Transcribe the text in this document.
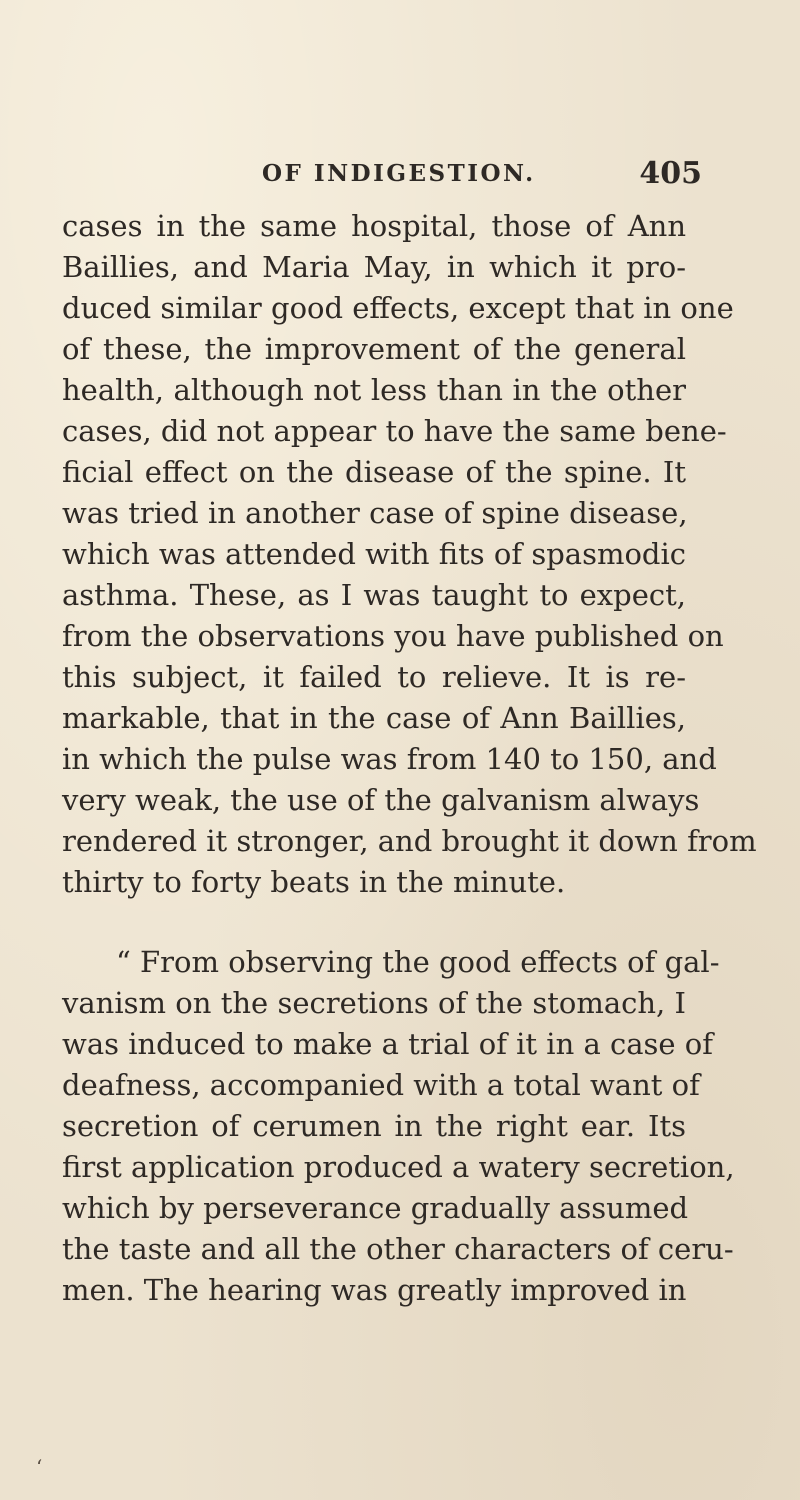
OF INDIGESTION.	405
cases in the same hospital, those of Ann
Baillies, and Maria May, in which it pro-
duced similar good effects, except that in one
of these, the improvement of the general
health, although not less than in the other
cases, did not appear to have the same bene-
ficial effect on the disease of the spine. It
was tried in another case of spine disease,
which was attended with fits of spasmodic
asthma. These, as I was taught to expect,
from the observations you have published on
this subject, it failed to relieve. It is re-
markable, that in the case of Ann Baillies,
in which the pulse was from 140 to 150, and
very weak, the use of the galvanism always
rendered it stronger, and brought it down from
thirty to forty beats in the minute.
“ From observing the good effects of gal-
vanism on the secretions of the stomach, I
was induced to make a trial of it in a case of
deafness, accompanied with a total want of
secretion of cerumen in the right ear. Its
first application produced a watery secretion,
which by perseverance gradually assumed
the taste and all the other characters of ceru-
men. The hearing was greatly improved in
‘
